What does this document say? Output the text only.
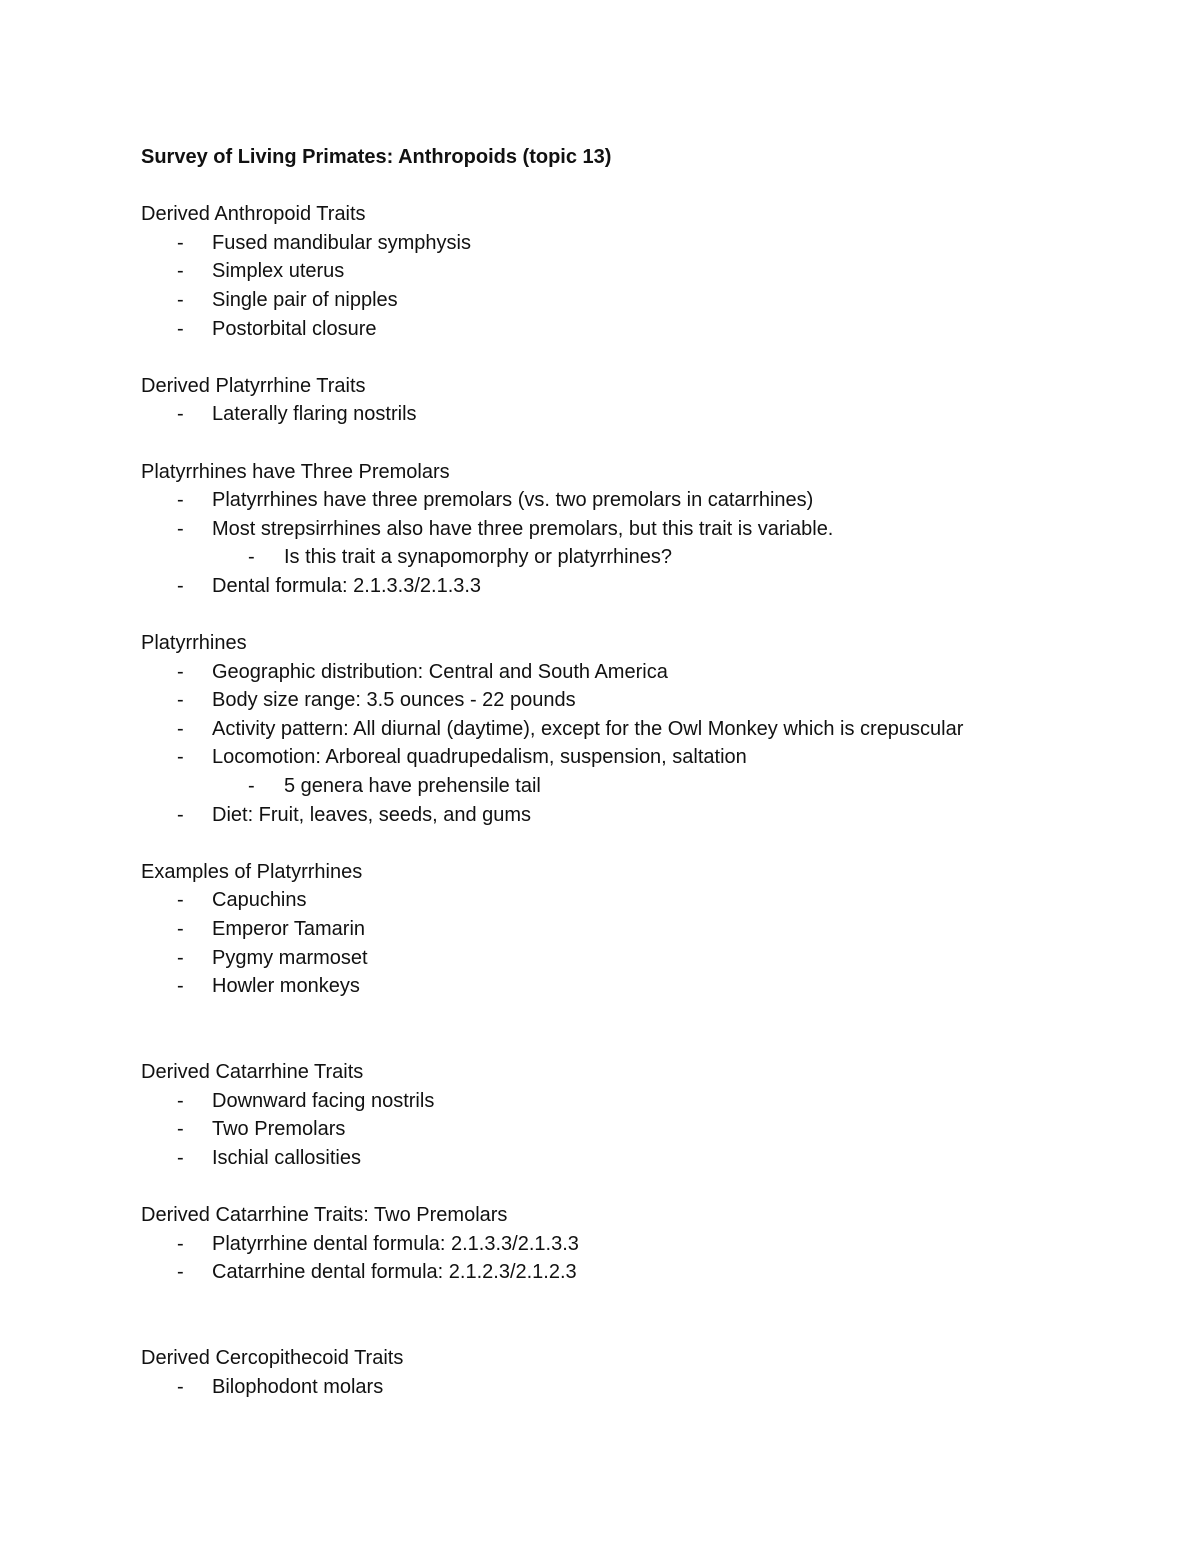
Survey of Living Primates: Anthropoids (topic 13)
Derived Anthropoid Traits
- Fused mandibular symphysis
- Simplex uterus
- Single pair of nipples
- Postorbital closure
Derived Platyrrhine Traits
- Laterally flaring nostrils
Platyrrhines have Three Premolars
- Platyrrhines have three premolars (vs. two premolars in catarrhines)
- Most strepsirrhines also have three premolars, but this trait is variable.
- Is this trait a synapomorphy or platyrrhines?
- Dental formula: 2.1.3.3/2.1.3.3
Platyrrhines
- Geographic distribution: Central and South America
- Body size range: 3.5 ounces - 22 pounds
- Activity pattern: All diurnal (daytime), except for the Owl Monkey which is crepuscular
- Locomotion: Arboreal quadrupedalism, suspension, saltation
- 5 genera have prehensile tail
- Diet: Fruit, leaves, seeds, and gums
Examples of Platyrrhines
- Capuchins
- Emperor Tamarin
- Pygmy marmoset
- Howler monkeys
Derived Catarrhine Traits
- Downward facing nostrils
- Two Premolars
- Ischial callosities
Derived Catarrhine Traits: Two Premolars
- Platyrrhine dental formula: 2.1.3.3/2.1.3.3
- Catarrhine dental formula: 2.1.2.3/2.1.2.3
Derived Cercopithecoid Traits
- Bilophodont molars
